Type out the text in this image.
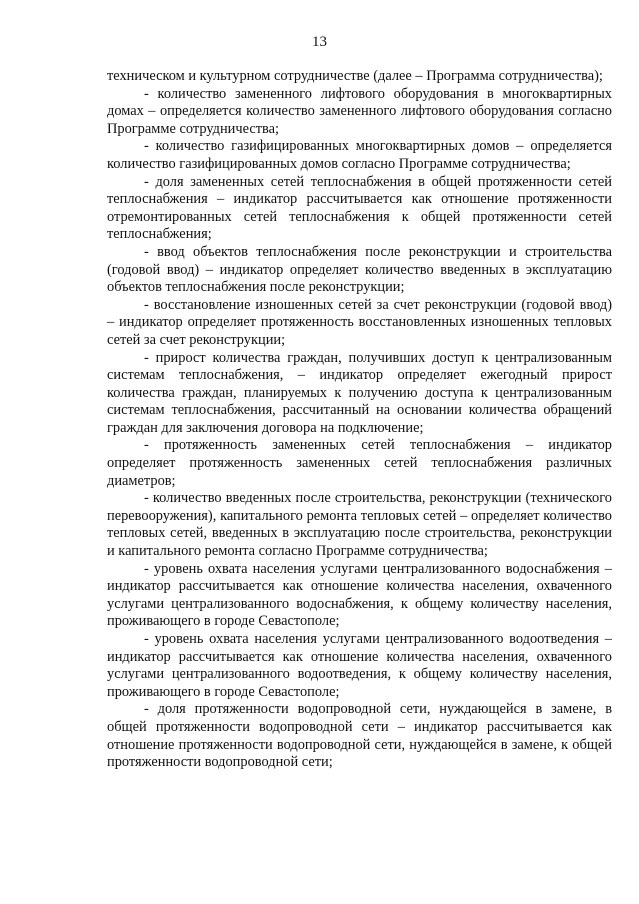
13

техническом и культурном сотрудничестве (далее – Программа сотрудничества);

- количество замененного лифтового оборудования в многоквартирных домах – определяется количество замененного лифтового оборудования согласно Программе сотрудничества;

- количество газифицированных многоквартирных домов – определяется количество газифицированных домов согласно Программе сотрудничества;

- доля замененных сетей теплоснабжения в общей протяженности сетей теплоснабжения – индикатор рассчитывается как отношение протяженности отремонтированных сетей теплоснабжения к общей протяженности сетей теплоснабжения;

- ввод объектов теплоснабжения после реконструкции и строительства (годовой ввод) – индикатор определяет количество введенных в эксплуатацию объектов теплоснабжения после реконструкции;

- восстановление изношенных сетей за счет реконструкции (годовой ввод) – индикатор определяет протяженность восстановленных изношенных тепловых сетей за счет реконструкции;

- прирост количества граждан, получивших доступ к централизованным системам теплоснабжения, – индикатор определяет ежегодный прирост количества граждан, планируемых к получению доступа к централизованным системам теплоснабжения, рассчитанный на основании количества обращений граждан для заключения договора на подключение;

- протяженность замененных сетей теплоснабжения – индикатор определяет протяженность замененных сетей теплоснабжения различных диаметров;

- количество введенных после строительства, реконструкции (технического перевооружения), капитального ремонта тепловых сетей – определяет количество тепловых сетей, введенных в эксплуатацию после строительства, реконструкции и капитального ремонта согласно Программе сотрудничества;

- уровень охвата населения услугами централизованного водоснабжения – индикатор рассчитывается как отношение количества населения, охваченного услугами централизованного водоснабжения, к общему количеству населения, проживающего в городе Севастополе;

- уровень охвата населения услугами централизованного водоотведения – индикатор рассчитывается как отношение количества населения, охваченного услугами централизованного водоотведения, к общему количеству населения, проживающего в городе Севастополе;

- доля протяженности водопроводной сети, нуждающейся в замене, в общей протяженности водопроводной сети – индикатор рассчитывается как отношение протяженности водопроводной сети, нуждающейся в замене, к общей протяженности водопроводной сети;
